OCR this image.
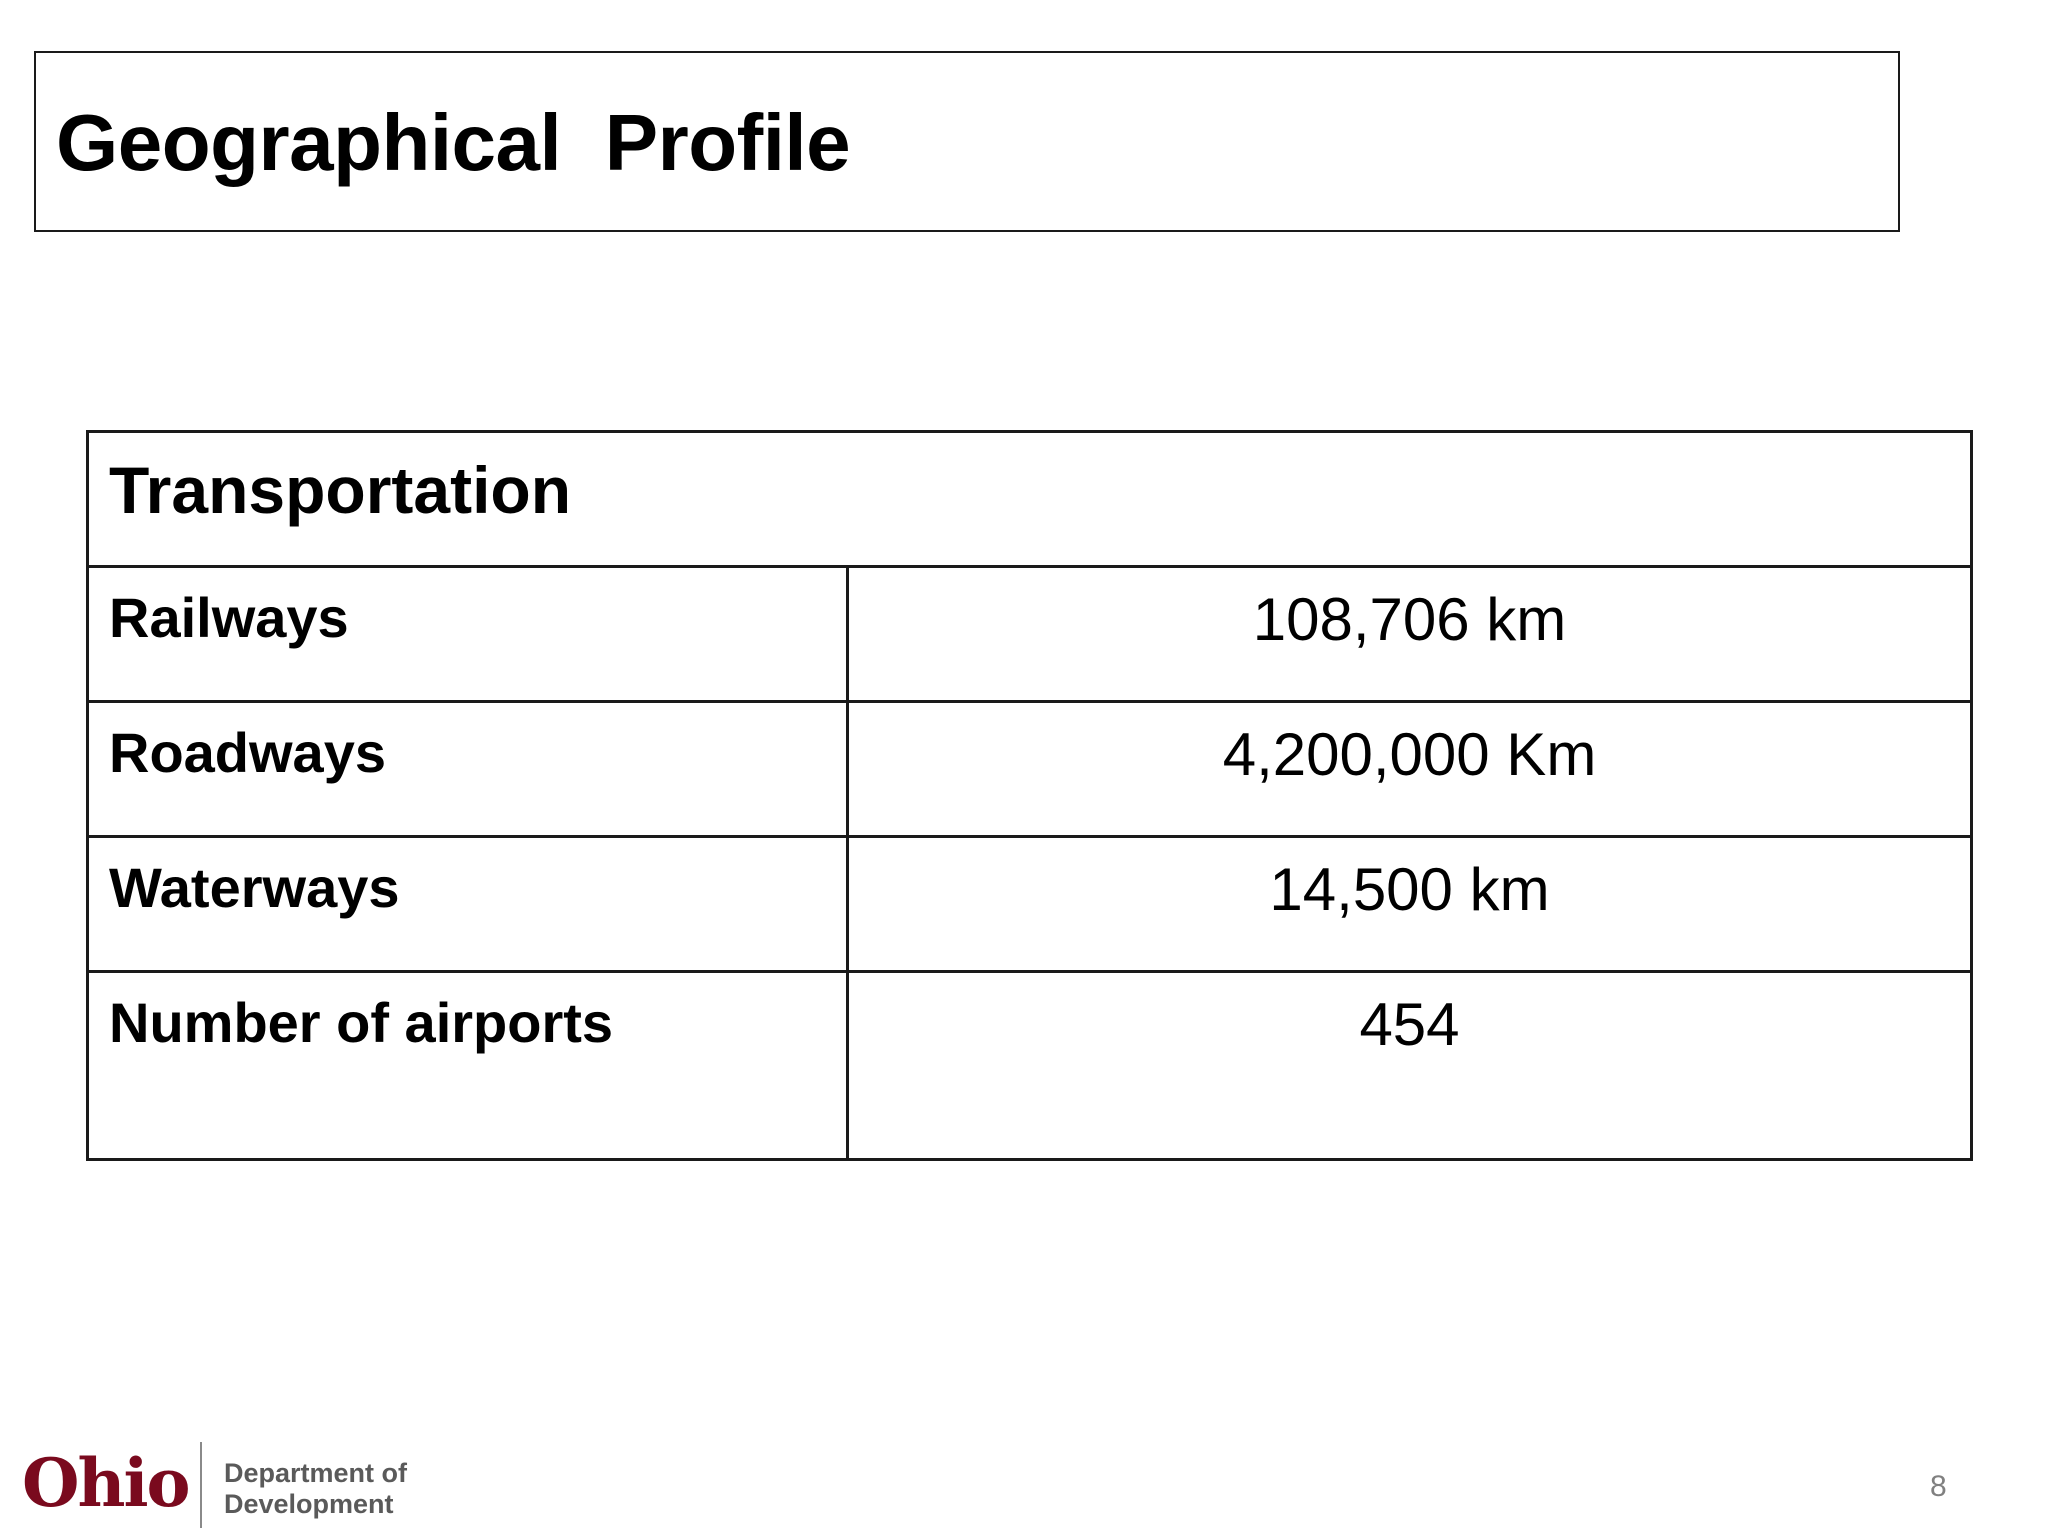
Geographical  Profile
Transportation	

Railways	108,706 km

Roadways	4,200,000 Km

Waterways	14,500 km

Number of airports	454
Ohio Department of
Development
8
